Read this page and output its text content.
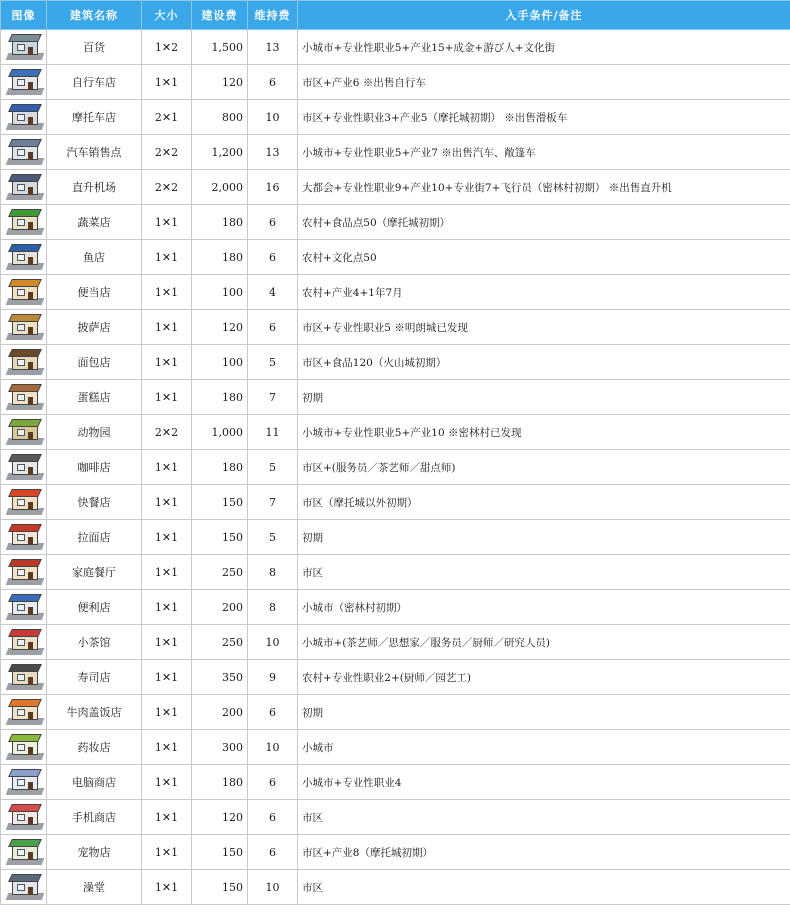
图像	建筑名称	大小	建设费	维持费	入手条件/备注

	百货	1✕2	1,500	13	小城市+专业性职业5+产业15+成金+游び人+文化街

	自行车店	1✕1	120	6	市区+产业6 ※出售自行车

	摩托车店	2✕1	800	10	市区+专业性职业3+产业5（摩托城初期） ※出售滑板车

	汽车销售点	2✕2	1,200	13	小城市+专业性职业5+产业7 ※出售汽车、敞篷车

	直升机场	2✕2	2,000	16	大都会+专业性职业9+产业10+专业街7+飞行员（密林村初期） ※出售直升机

	蔬菜店	1✕1	180	6	农村+食品点50（摩托城初期）

	鱼店	1✕1	180	6	农村+文化点50

	便当店	1✕1	100	4	农村+产业4+1年7月

	披萨店	1✕1	120	6	市区+专业性职业5 ※明朗城已发现

	面包店	1✕1	100	5	市区+食品120（火山城初期）

	蛋糕店	1✕1	180	7	初期

	动物园	2✕2	1,000	11	小城市+专业性职业5+产业10 ※密林村已发现

	咖啡店	1✕1	180	5	市区+(服务员／茶艺师／甜点师)

	快餐店	1✕1	150	7	市区（摩托城以外初期）

	拉面店	1✕1	150	5	初期

	家庭餐厅	1✕1	250	8	市区

	便利店	1✕1	200	8	小城市（密林村初期）

	小茶馆	1✕1	250	10	小城市+(茶艺师／思想家／服务员／厨师／研究人员)

	寿司店	1✕1	350	9	农村+专业性职业2+(厨师／园艺工)

	牛肉盖饭店	1✕1	200	6	初期

	药妆店	1✕1	300	10	小城市

	电脑商店	1✕1	180	6	小城市+专业性职业4

	手机商店	1✕1	120	6	市区

	宠物店	1✕1	150	6	市区+产业8（摩托城初期）

	澡堂	1✕1	150	10	市区
